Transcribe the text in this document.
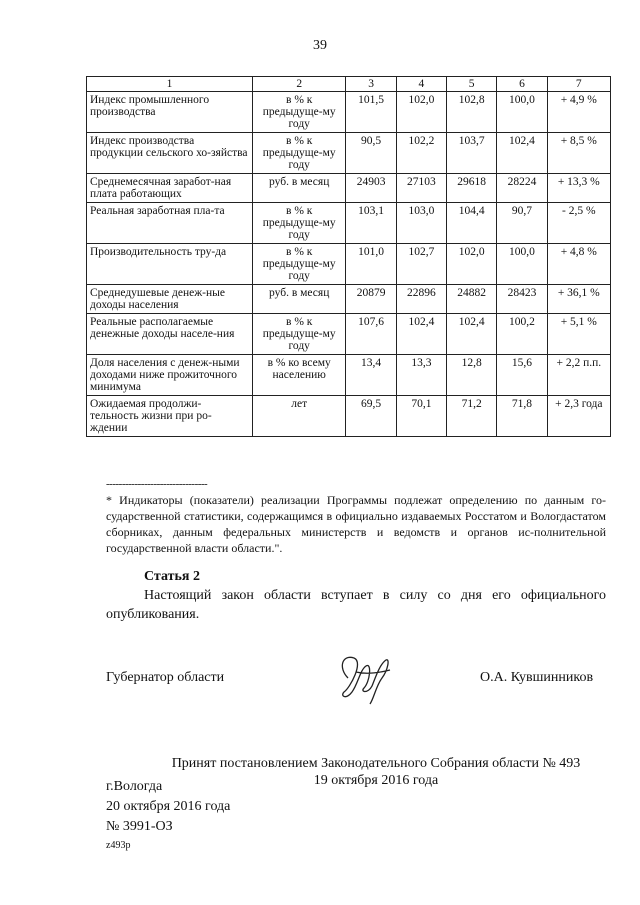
39
1	2	3	4	5	6	7
Индекс промышленного производства	в % к предыдуще-му году	101,5	102,0	102,8	100,0	+ 4,9 %
Индекс производства продукции сельского хо-зяйства	в % к предыдуще-му году	90,5	102,2	103,7	102,4	+ 8,5 %
Среднемесячная заработ-ная плата работающих	руб. в месяц	24903	27103	29618	28224	+ 13,3 %
Реальная заработная пла-та	в % к предыдуще-му году	103,1	103,0	104,4	90,7	- 2,5 %
Производительность тру-да	в % к предыдуще-му году	101,0	102,7	102,0	100,0	+ 4,8 %
Среднедушевые денеж-ные доходы населения	руб. в месяц	20879	22896	24882	28423	+ 36,1 %
Реальные располагаемые денежные доходы населе-ния	в % к предыдуще-му году	107,6	102,4	102,4	100,2	+ 5,1 %
Доля населения с денеж-ными доходами ниже прожиточного минимума	в % ко всему населению	13,4	13,3	12,8	15,6	+ 2,2 п.п.
Ожидаемая продолжи-тельность жизни при ро-ждении	лет	69,5	70,1	71,2	71,8	+ 2,3 года
--------------------------------
* Индикаторы (показатели) реализации Программы подлежат определению по данным го-сударственной статистики, содержащимся в официально издаваемых Росстатом и Вологдастатом сборниках, данным федеральных министерств и ведомств и органов ис-полнительной государственной власти области.".
Статья 2
Настоящий закон области вступает в силу со дня его официального опубликования.
Губернатор области	О.А. Кувшинников
Принят постановлением Законодательного Собрания области № 493
19 октября 2016 года
г.Вологда
20 октября 2016 года
№ 3991-ОЗ
z493р
